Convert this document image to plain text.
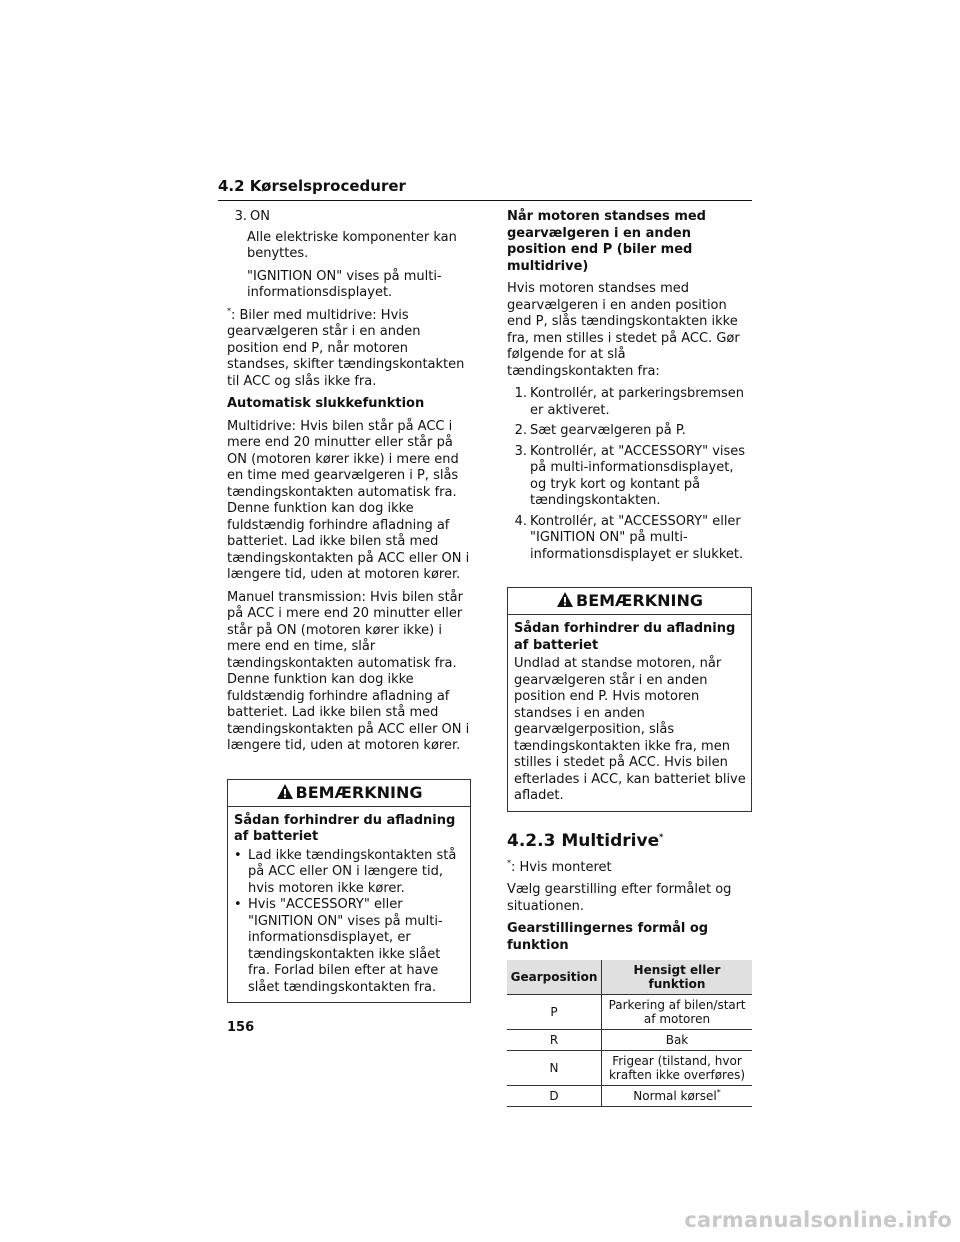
4.2 Kørselsprocedurer
3. ON

Alle elektriske komponenter kan benyttes.

"IGNITION ON" vises på multi-informationsdisplayet.

*: Biler med multidrive: Hvis gearvælgeren står i en anden position end P, når motoren standses, skifter tændingskontakten til ACC og slås ikke fra.

Automatisk slukkefunktion

Multidrive: Hvis bilen står på ACC i mere end 20 minutter eller står på ON (motoren kører ikke) i mere end en time med gearvælgeren i P, slås tændingskontakten automatisk fra. Denne funktion kan dog ikke fuldstændig forhindre afladning af batteriet. Lad ikke bilen stå med tændingskontakten på ACC eller ON i længere tid, uden at motoren kører.

Manuel transmission: Hvis bilen står på ACC i mere end 20 minutter eller står på ON (motoren kører ikke) i mere end en time, slår tændingskontakten automatisk fra. Denne funktion kan dog ikke fuldstændig forhindre afladning af batteriet. Lad ikke bilen stå med tændingskontakten på ACC eller ON i længere tid, uden at motoren kører.

BEMÆRKNING

Sådan forhindrer du afladning af batteriet

• Lad ikke tændingskontakten stå på ACC eller ON i længere tid, hvis motoren ikke kører.
• Hvis "ACCESSORY" eller "IGNITION ON" vises på multi-informationsdisplayet, er tændingskontakten ikke slået fra. Forlad bilen efter at have slået tændingskontakten fra.

Når motoren standses med gearvælgeren i en anden position end P (biler med multidrive)

Hvis motoren standses med gearvælgeren i en anden position end P, slås tændingskontakten ikke fra, men stilles i stedet på ACC. Gør følgende for at slå tændingskontakten fra:

1. Kontrollér, at parkeringsbremsen er aktiveret.
2. Sæt gearvælgeren på P.
3. Kontrollér, at "ACCESSORY" vises på multi-informationsdisplayet, og tryk kort og kontant på tændingskontakten.
4. Kontrollér, at "ACCESSORY" eller "IGNITION ON" på multi-informationsdisplayet er slukket.
BEMÆRKNING

Sådan forhindrer du afladning af batteriet

Undlad at standse motoren, når gearvælgeren står i en anden position end P. Hvis motoren standses i en anden gearvælgerposition, slås tændingskontakten ikke fra, men stilles i stedet på ACC. Hvis bilen efterlades i ACC, kan batteriet blive afladet.

4.2.3 Multidrive*

*: Hvis monteret

Vælg gearstilling efter formålet og situationen.

Gearstillingernes formål og funktion

Gearposition	Hensigt eller funktion
P	Parkering af bilen/start af motoren
R	Bak
N	Frigear (tilstand, hvor kraften ikke overføres)
D	Normal kørsel*
156
carmanualsonline.info
